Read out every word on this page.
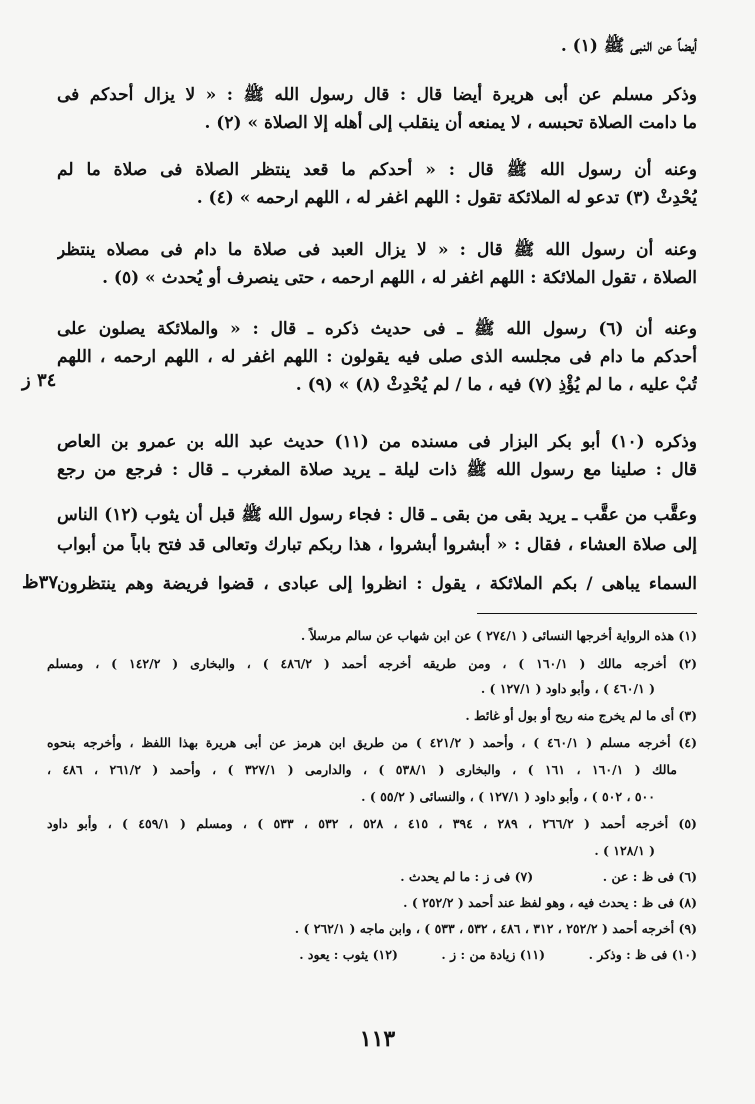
أيضاً عن النبى ﷺ (١) .
وذكر مسلم عن أبى هريرة أيضا قال : قال رسول الله ﷺ : « لا يزال أحدكم فى
ما دامت الصلاة تحبسه ، لا يمنعه أن ينقلب إلى أهله إلا الصلاة » (٢) .
وعنه أن رسول الله ﷺ قال : « أحدكم ما قعد ينتظر الصلاة فى صلاة ما لم
يُحْدِثْ (٣) تدعو له الملائكة تقول : اللهم اغفر له ، اللهم ارحمه » (٤) .
وعنه أن رسول الله ﷺ قال : « لا يزال العبد فى صلاة ما دام فى مصلاه ينتظر
الصلاة ، تقول الملائكة : اللهم اغفر له ، اللهم ارحمه ، حتى ينصرف أو يُحدث » (٥) .
وعنه أن (٦) رسول الله ﷺ ـ فى حديث ذكره ـ قال : « والملائكة يصلون على
أحدكم ما دام فى مجلسه الذى صلى فيه يقولون : اللهم اغفر له ، اللهم ارحمه ، اللهم
تُبْ عليه ، ما لم يُؤْذِ (٧) فيه ، ما / لم يُحْدِثْ (٨) » (٩) .
وذكره (١٠) أبو بكر البزار فى مسنده من (١١) حديث عبد الله بن عمرو بن العاص
قال : صلينا مع رسول الله ﷺ ذات ليلة ـ يريد صلاة المغرب ـ قال : فرجع من رجع
وعقَّب من عقَّب ـ يريد بقى من بقى ـ قال : فجاء رسول الله ﷺ قبل أن يثوب (١٢) الناس
إلى صلاة العشاء ، فقال : « أبشروا أبشروا ، هذا ربكم تبارك وتعالى قد فتح باباً من أبواب
السماء يباهى / بكم الملائكة ، يقول : انظروا إلى عبادى ، قضوا فريضة وهم ينتظرون
٣٤ ز
٣٧ظ
(١) هذه الرواية أخرجها النسائى ( ٢٧٤/١ ) عن ابن شهاب عن سالم مرسلاً .
(٢) أخرجه مالك ( ١٦٠/١ ) ، ومن طريقه أخرجه أحمد ( ٤٨٦/٢ ) ، والبخارى ( ١٤٢/٢ ) ، ومسلم
( ٤٦٠/١ ) ، وأبو داود ( ١٢٧/١ ) .
(٣) أى ما لم يخرج منه ريح أو بول أو غائط .
(٤) أخرجه مسلم ( ٤٦٠/١ ) ، وأحمد ( ٤٢١/٢ ) من طريق ابن هرمز عن أبى هريرة بهذا اللفظ ، وأخرجه بنحوه
مالك ( ١٦٠/١ ، ١٦١ ) ، والبخارى ( ٥٣٨/١ ) ، والدارمى ( ٣٢٧/١ ) ، وأحمد ( ٢٦١/٢ ، ٤٨٦ ،
٥٠٠ ، ٥٠٢ ) ، وأبو داود ( ١٢٧/١ ) ، والنسائى ( ٥٥/٢ ) .
(٥) أخرجه أحمد ( ٢٦٦/٢ ، ٢٨٩ ، ٣٩٤ ، ٤١٥ ، ٥٢٨ ، ٥٣٢ ، ٥٣٣ ) ، ومسلم ( ٤٥٩/١ ) ، وأبو داود
( ١٢٨/١ ) .
(٦) فى ظ : عن .                (٧) فى ز : ما لم يحدث .
(٨) فى ظ : يحدث فيه ، وهو لفظ عند أحمد ( ٢٥٢/٢ ) .
(٩) أخرجه أحمد ( ٢٥٢/٢ ، ٣١٢ ، ٤٨٦ ، ٥٣٢ ، ٥٣٣ ) ، وابن ماجه ( ٢٦٢/١ ) .
(١٠) فى ظ : وذكر .          (١١) زيادة من : ز .          (١٢) يثوب : يعود .
١١٣
